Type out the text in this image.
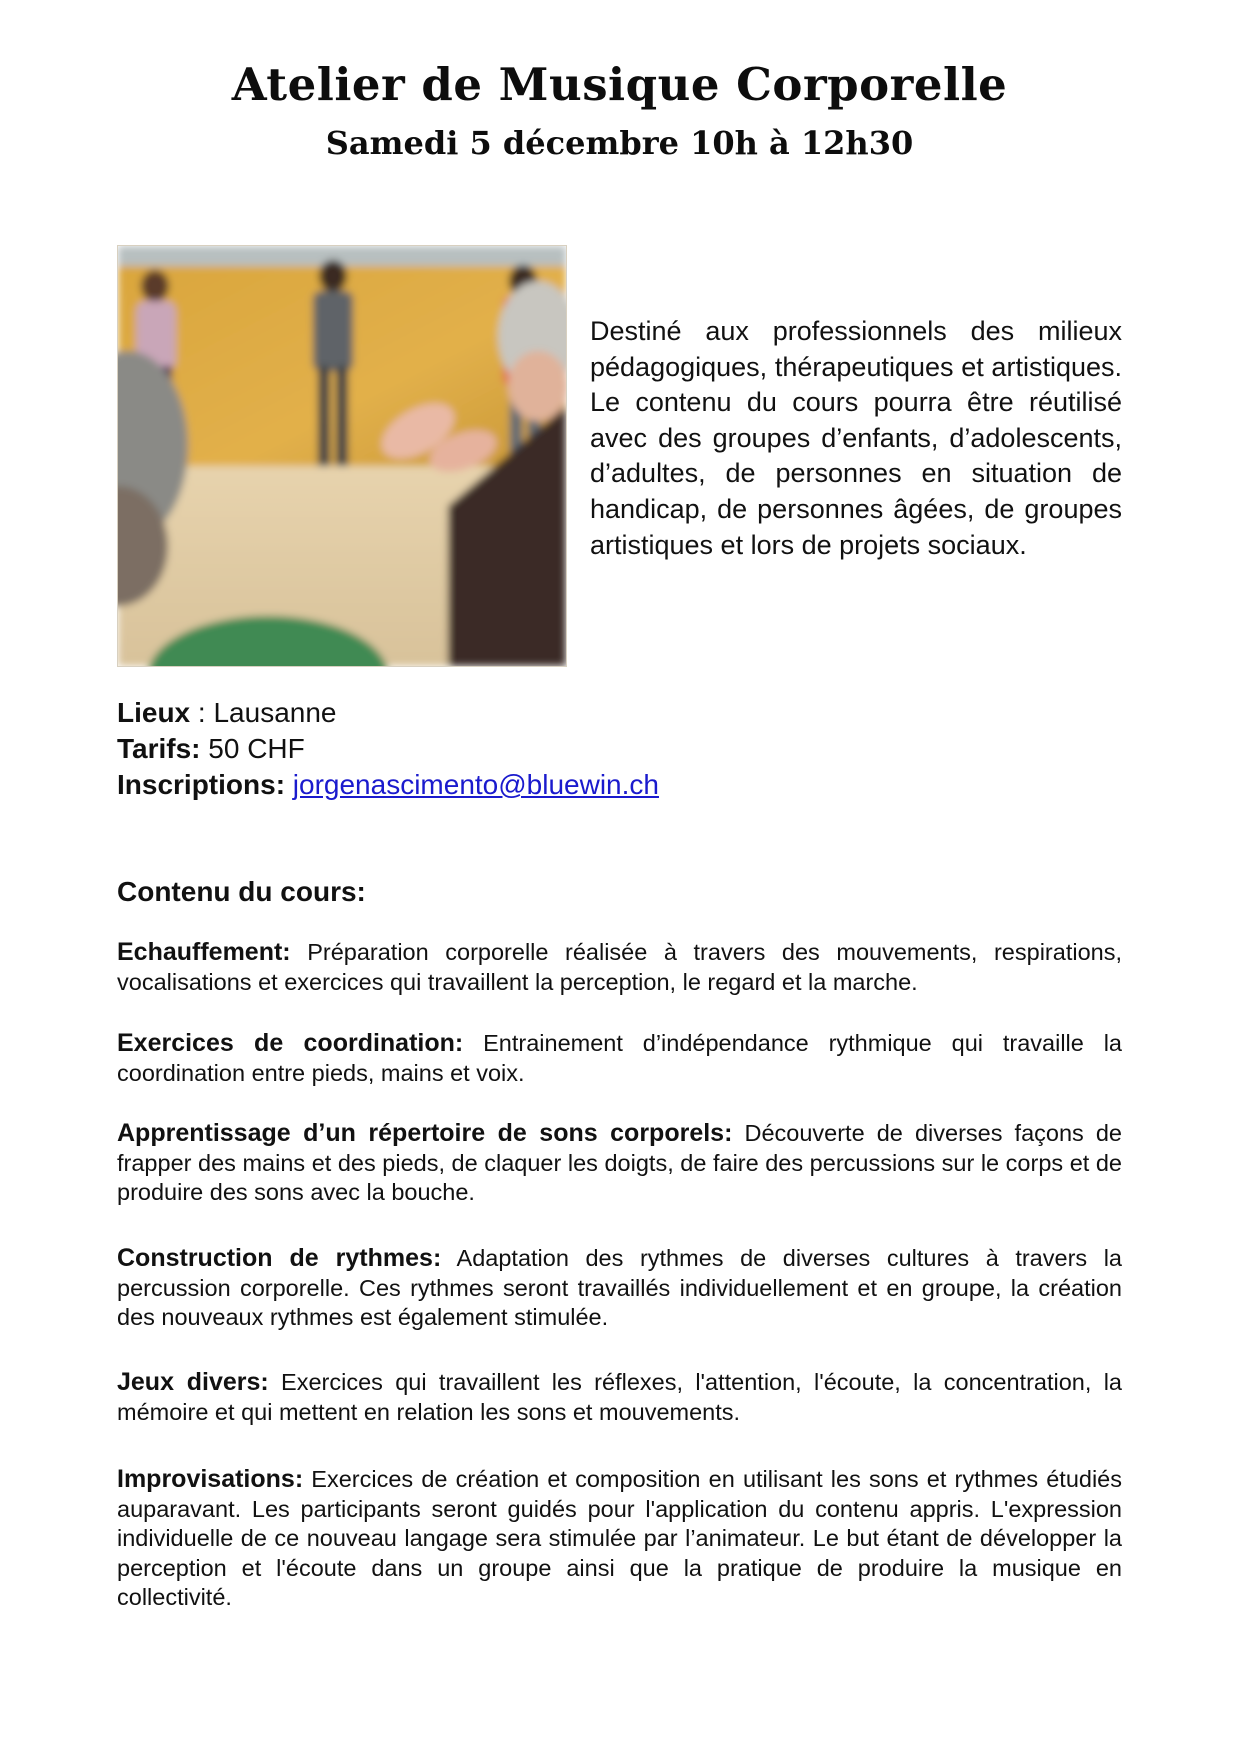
Atelier de Musique Corporelle
Samedi 5 décembre 10h à 12h30
Destiné aux professionnels des milieux pédagogiques, thérapeutiques et artistiques. Le contenu du cours pourra être réutilisé avec des groupes d’enfants, d’adolescents, d’adultes, de personnes en situation de handicap, de personnes âgées, de groupes artistiques et lors de projets sociaux.
Lieux : Lausanne
Tarifs: 50 CHF
Inscriptions: jorgenascimento@bluewin.ch
Contenu du cours:
Echauffement: Préparation corporelle réalisée à travers des mouvements, respirations, vocalisations et exercices qui travaillent la perception, le regard et la marche.
Exercices de coordination: Entrainement d’indépendance rythmique qui travaille la coordination entre pieds, mains et voix.
Apprentissage d’un répertoire de sons corporels: Découverte de diverses façons de frapper des mains et des pieds, de claquer les doigts, de faire des percussions sur le corps et de produire des sons avec la bouche.
Construction de rythmes: Adaptation des rythmes de diverses cultures à travers la percussion corporelle. Ces rythmes seront travaillés individuellement et en groupe, la création des nouveaux rythmes est également stimulée.
Jeux divers: Exercices qui travaillent les réflexes, l'attention, l'écoute, la concentration, la mémoire et qui mettent en relation les sons et mouvements.
Improvisations: Exercices de création et composition en utilisant les sons et rythmes étudiés auparavant. Les participants seront guidés pour l'application du contenu appris. L'expression individuelle de ce nouveau langage sera stimulée par l’animateur. Le but étant de développer la perception et l'écoute dans un groupe ainsi que la pratique de produire la musique en collectivité.
